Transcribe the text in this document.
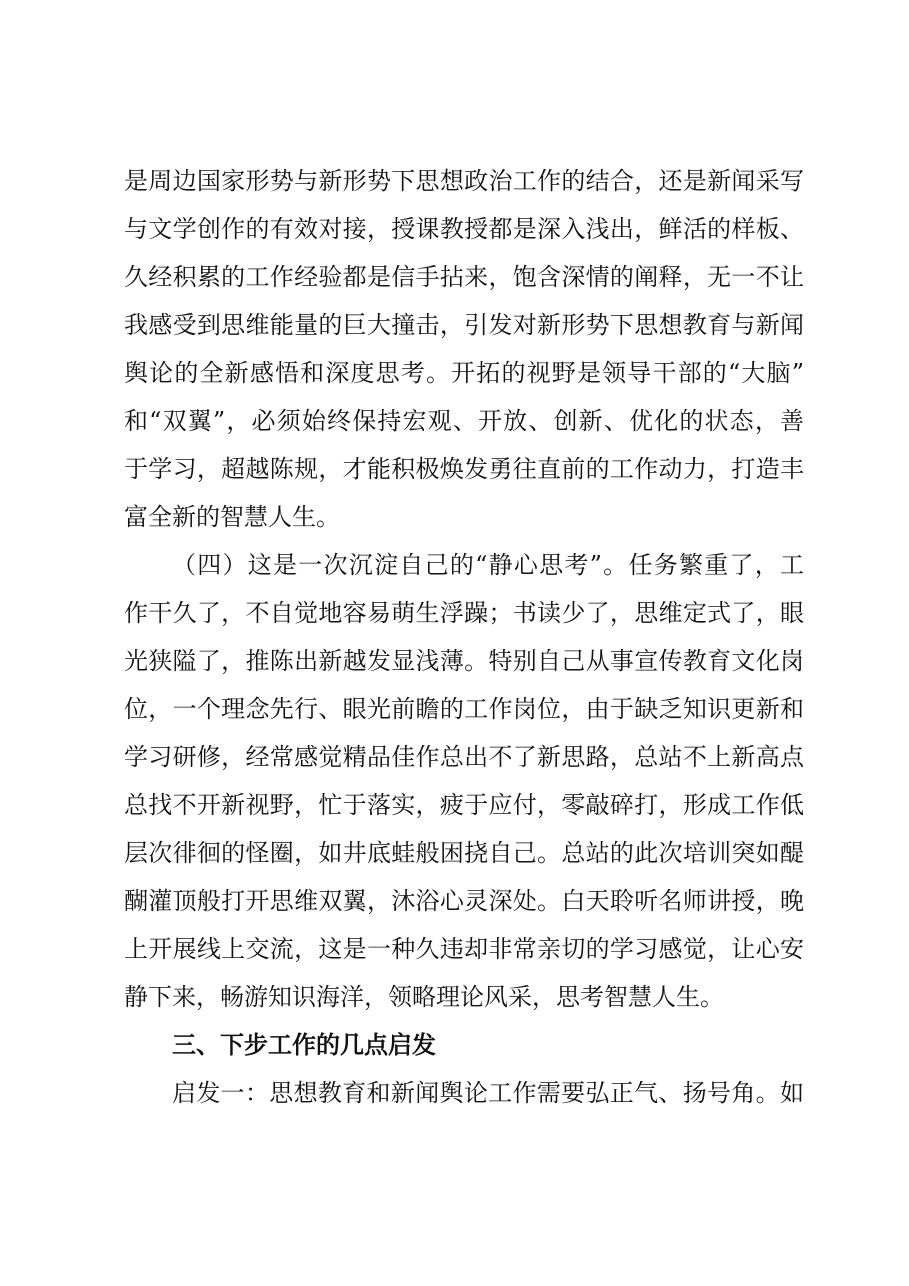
是周边国家形势与新形势下思想政治工作的结合，还是新闻采写
与文学创作的有效对接，授课教授都是深入浅出，鲜活的样板、
久经积累的工作经验都是信手拈来，饱含深情的阐释，无一不让
我感受到思维能量的巨大撞击，引发对新形势下思想教育与新闻
舆论的全新感悟和深度思考。开拓的视野是领导干部的“大脑”
和“双翼”，必须始终保持宏观、开放、创新、优化的状态，善
于学习，超越陈规，才能积极焕发勇往直前的工作动力，打造丰
富全新的智慧人生。
（四）这是一次沉淀自己的“静心思考”。任务繁重了，工
作干久了，不自觉地容易萌生浮躁；书读少了，思维定式了，眼
光狭隘了，推陈出新越发显浅薄。特别自己从事宣传教育文化岗
位，一个理念先行、眼光前瞻的工作岗位，由于缺乏知识更新和
学习研修，经常感觉精品佳作总出不了新思路，总站不上新高点
总找不开新视野，忙于落实，疲于应付，零敲碎打，形成工作低
层次徘徊的怪圈，如井底蛙般困挠自己。总站的此次培训突如醍
醐灌顶般打开思维双翼，沐浴心灵深处。白天聆听名师讲授，晚
上开展线上交流，这是一种久违却非常亲切的学习感觉，让心安
静下来，畅游知识海洋，领略理论风采，思考智慧人生。
三、下步工作的几点启发
启发一：思想教育和新闻舆论工作需要弘正气、扬号角。如
